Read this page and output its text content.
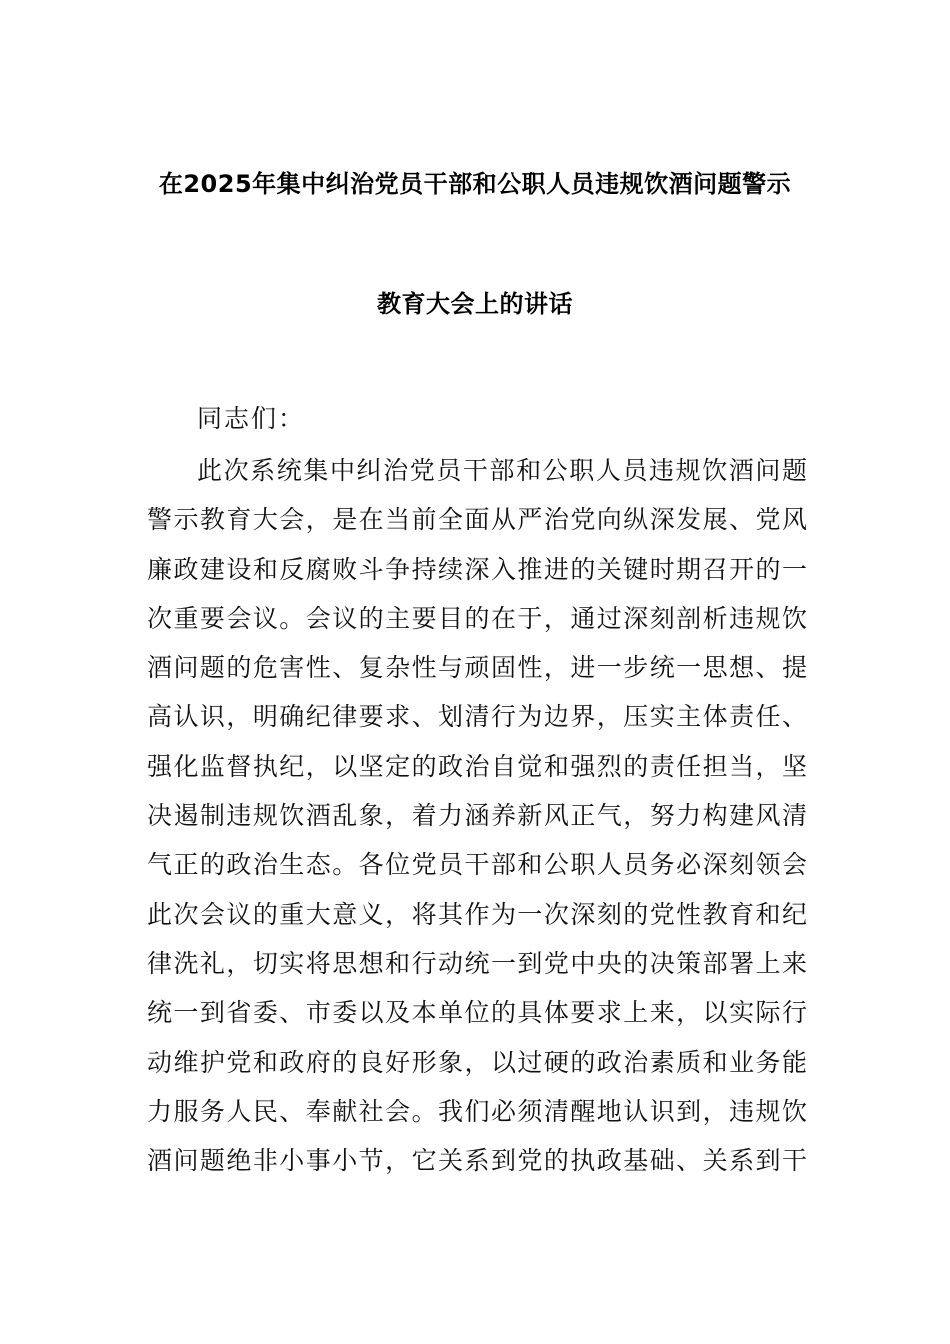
在2025年集中纠治党员干部和公职人员违规饮酒问题警示
教育大会上的讲话
同志们：
此次系统集中纠治党员干部和公职人员违规饮酒问题
警示教育大会，是在当前全面从严治党向纵深发展、党风
廉政建设和反腐败斗争持续深入推进的关键时期召开的一
次重要会议。会议的主要目的在于，通过深刻剖析违规饮
酒问题的危害性、复杂性与顽固性，进一步统一思想、提
高认识，明确纪律要求、划清行为边界，压实主体责任、
强化监督执纪，以坚定的政治自觉和强烈的责任担当，坚
决遏制违规饮酒乱象，着力涵养新风正气，努力构建风清
气正的政治生态。各位党员干部和公职人员务必深刻领会
此次会议的重大意义，将其作为一次深刻的党性教育和纪
律洗礼，切实将思想和行动统一到党中央的决策部署上来
统一到省委、市委以及本单位的具体要求上来，以实际行
动维护党和政府的良好形象，以过硬的政治素质和业务能
力服务人民、奉献社会。我们必须清醒地认识到，违规饮
酒问题绝非小事小节，它关系到党的执政基础、关系到干
